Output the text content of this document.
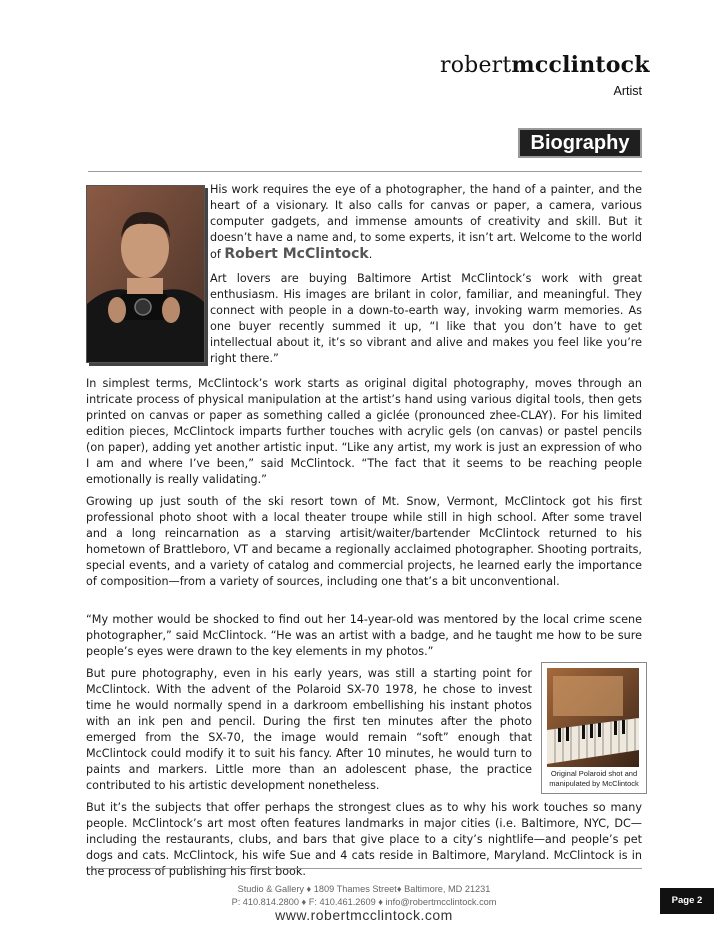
robertmcclintock
Artist
Biography

His work requires the eye of a photographer, the hand of a painter, and the heart of a visionary. It also calls for canvas or paper, a camera, various computer gadgets, and immense amounts of creativity and skill. But it doesn’t have a name and, to some experts, it isn’t art. Welcome to the world of Robert McClintock.

Art lovers are buying Baltimore Artist McClintock’s work with great enthusiasm. His images are brilant in color, familiar, and meaningful. They connect with people in a down-to-earth way, invoking warm memories. As one buyer recently summed it up, “I like that you don’t have to get intellectual about it, it’s so vibrant and alive and makes you feel like you’re right there.”

In simplest terms, McClintock’s work starts as original digital photography, moves through an intricate process of physical manipulation at the artist’s hand using various digital tools, then gets printed on canvas or paper as something called a giclée (pronounced zhee-CLAY). For his limited edition pieces, McClintock imparts further touches with acrylic gels (on canvas) or pastel pencils (on paper), adding yet another artistic input. “Like any artist, my work is just an expression of who I am and where I’ve been,” said McClintock. “The fact that it seems to be reaching people emotionally is really validating.”

Growing up just south of the ski resort town of Mt. Snow, Vermont, McClintock got his first professional photo shoot with a local theater troupe while still in high school. After some travel and a long reincarnation as a starving artisit/waiter/bartender McClintock returned to his hometown of Brattleboro, VT and became a regionally acclaimed photographer. Shooting portraits, special events, and a variety of catalog and commercial projects, he learned early the importance of composition—from a variety of sources, including one that’s a bit unconventional.

“My mother would be shocked to find out her 14-year-old was mentored by the local crime scene photographer,” said McClintock. “He was an artist with a badge, and he taught me how to be sure people’s eyes were drawn to the key elements in my photos.”

But pure photography, even in his early years, was still a starting point for McClintock. With the advent of the Polaroid SX-70 1978, he chose to invest time he would normally spend in a darkroom embellishing his instant photos with an ink pen and pencil. During the first ten minutes after the photo emerged from the SX-70, the image would remain “soft” enough that McClintock could modify it to suit his fancy. After 10 minutes, he would turn to paints and markers. Little more than an adolescent phase, the practice contributed to his artistic development nonetheless.

But it’s the subjects that offer perhaps the strongest clues as to why his work touches so many people. McClintock’s art most often features landmarks in major cities (i.e. Baltimore, NYC, DC—including the restaurants, clubs, and bars that give place to a city’s nightlife—and people’s pet dogs and cats. McClintock, his wife Sue and 4 cats reside in Baltimore, Maryland. McClintock is in the process of publishing his first book.

Original Polaroid shot and
manipulated by McClintock
Studio & Gallery ♦ 1809 Thames Street♦ Baltimore, MD 21231
P: 410.814.2800 ♦ F: 410.461.2609 ♦ info@robertmcclintock.com
www.robertmcclintock.com
Page 2
